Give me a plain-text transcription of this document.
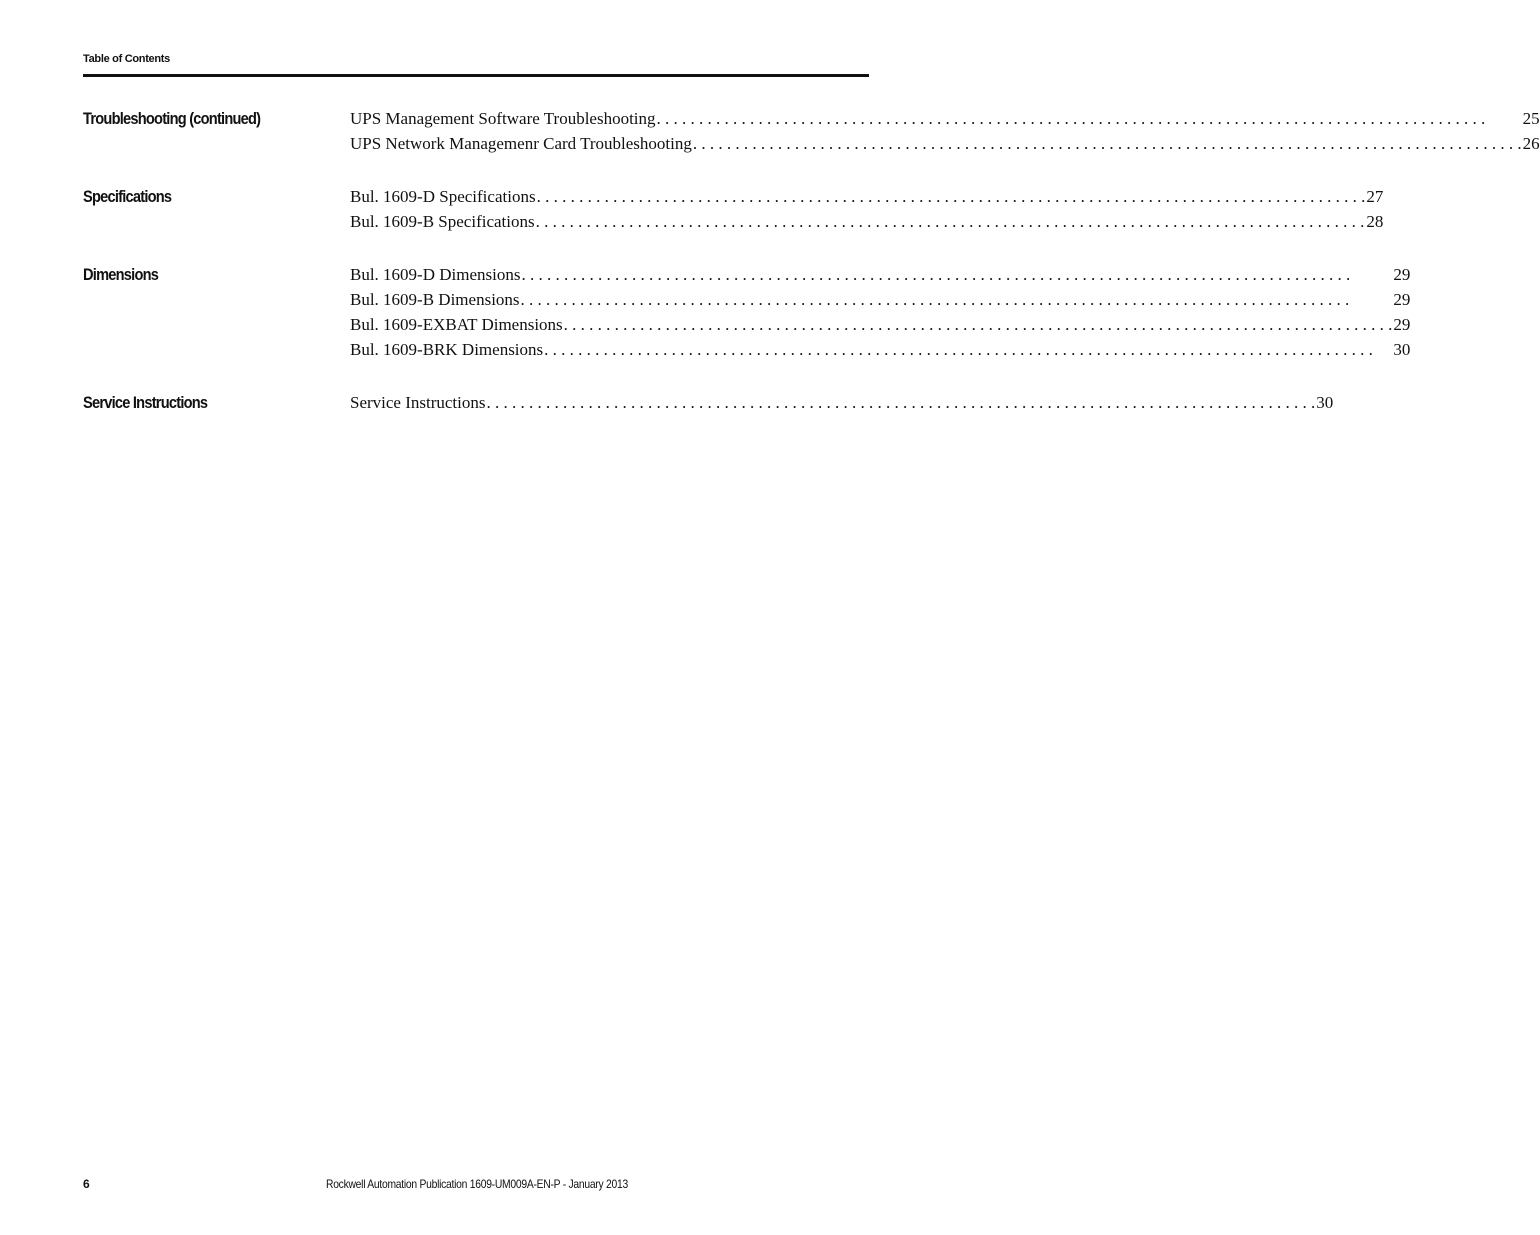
Table of Contents
Troubleshooting (continued)	UPS Management Software Troubleshooting . . .	25
UPS Network Managemenr Card Troubleshooting . . .	26
Specifications	Bul. 1609-D Specifications . . .	27
Bul. 1609-B Specifications . . .	28
Dimensions	Bul. 1609-D Dimensions . . .	29
Bul. 1609-B Dimensions . . .	29
Bul. 1609-EXBAT Dimensions . . .	29
Bul. 1609-BRK Dimensions . . .	30
Service Instructions	Service Instructions . . .	30
6	Rockwell Automation Publication 1609-UM009A-EN-P - January 2013
